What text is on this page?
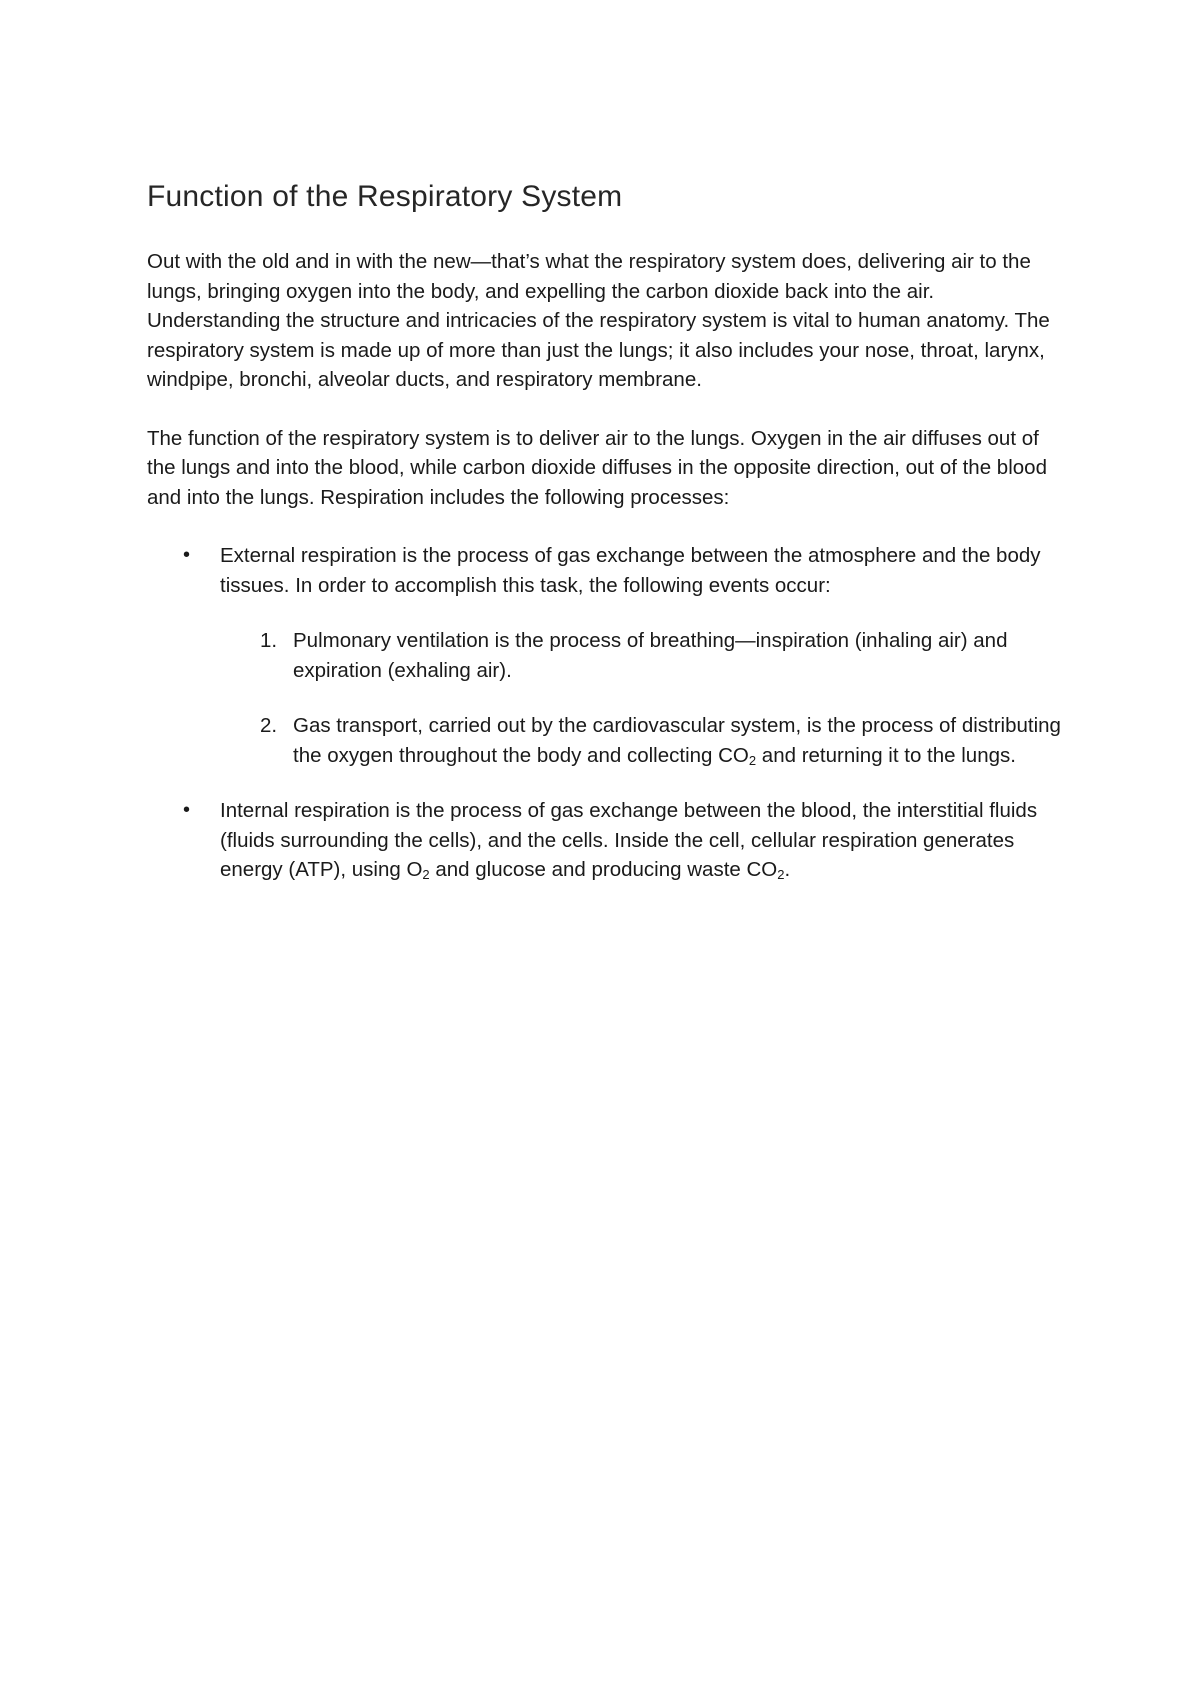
Function of the Respiratory System

Out with the old and in with the new—that’s what the respiratory system does, delivering air to the lungs, bringing oxygen into the body, and expelling the carbon dioxide back into the air. Understanding the structure and intricacies of the respiratory system is vital to human anatomy. The respiratory system is made up of more than just the lungs; it also includes your nose, throat, larynx, windpipe, bronchi, alveolar ducts, and respiratory membrane.

The function of the respiratory system is to deliver air to the lungs. Oxygen in the air diffuses out of the lungs and into the blood, while carbon dioxide diffuses in the opposite direction, out of the blood and into the lungs. Respiration includes the following processes:

• External respiration is the process of gas exchange between the atmosphere and the body tissues. In order to accomplish this task, the following events occur:
1. Pulmonary ventilation is the process of breathing—inspiration (inhaling air) and expiration (exhaling air).
2. Gas transport, carried out by the cardiovascular system, is the process of distributing the oxygen throughout the body and collecting $CO_2$ and returning it to the lungs.
• Internal respiration is the process of gas exchange between the blood, the interstitial fluids (fluids surrounding the cells), and the cells. Inside the cell, cellular respiration generates energy (ATP), using $O_2$ and glucose and producing waste $CO_2$.
